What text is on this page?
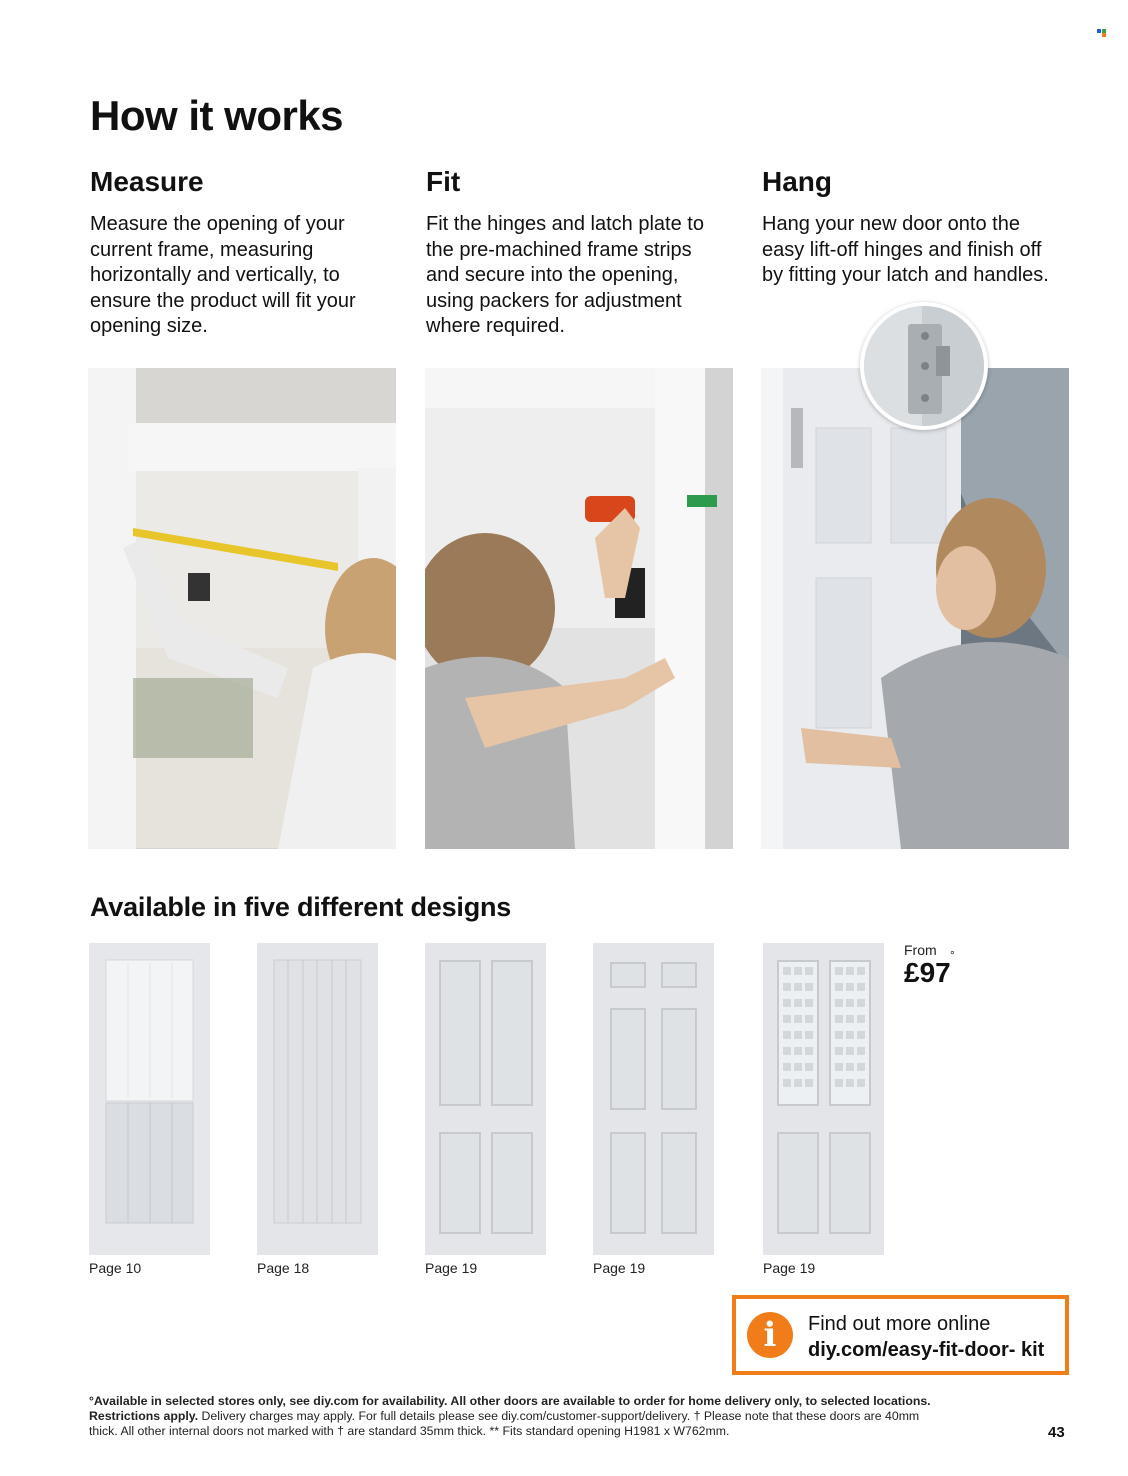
How it works
Measure

Measure the opening of your
current frame, measuring
horizontally and vertically, to
ensure the product will fit your
opening size.

Fit

Fit the hinges and latch plate to
the pre-machined frame strips
and secure into the opening,
using packers for adjustment
where required.

Hang

Hang your new door onto the
easy lift-off hinges and finish off
by fitting your latch and handles.

Available in five different designs
Page 10	Page 18	Page 19	Page 19	Page 19
From
£97
°
i	Find out more online
diy.com/easy-fit-door- kit
°Available in selected stores only, see diy.com for availability. All other doors are available to order for home delivery only, to selected locations.
Restrictions apply. Delivery charges may apply. For full details please see diy.com/customer-support/delivery. † Please note that these doors are 40mm
thick. All other internal doors not marked with † are standard 35mm thick. ** Fits standard opening H1981 x W762mm.	43
